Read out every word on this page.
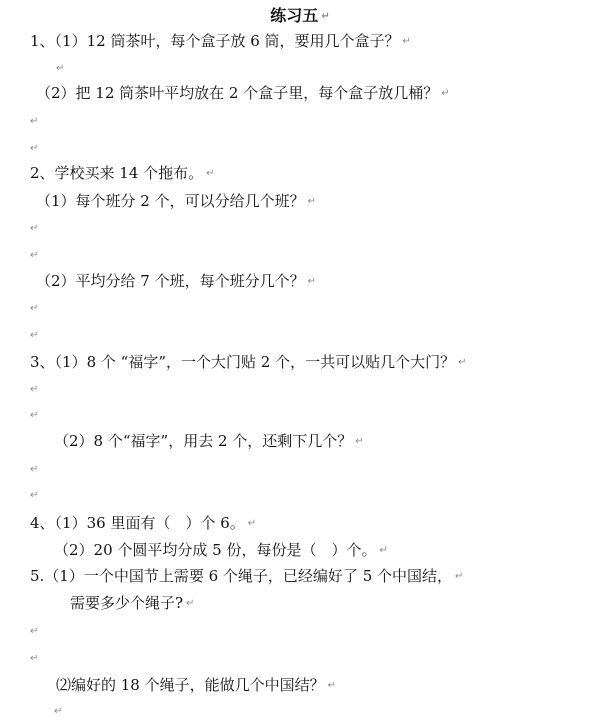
练习五 ↵
1、（1）12 筒茶叶，每个盒子放 6 筒，要用几个盒子？ ↵
↵
（2）把 12 筒茶叶平均放在 2 个盒子里，每个盒子放几桶？ ↵
↵
↵
2、学校买来 14 个拖布。 ↵
（1）每个班分 2 个，可以分给几个班？ ↵
↵
↵
（2）平均分给 7 个班，每个班分几个？ ↵
↵
↵
3、（1）8 个 “福字”，一个大门贴 2 个，一共可以贴几个大门？ ↵
↵
↵
（2）8 个“福字”，用去 2 个，还剩下几个？ ↵
↵
↵
4、（1）36 里面有（　）个 6。 ↵
（2）20 个圆平均分成 5 份，每份是（　）个。 ↵
5.（1）一个中国节上需要 6 个绳子，已经编好了 5 个中国结， ↵
需要多少个绳子? ↵
↵
↵
⑵编好的 18 个绳子，能做几个中国结？ ↵
↵
